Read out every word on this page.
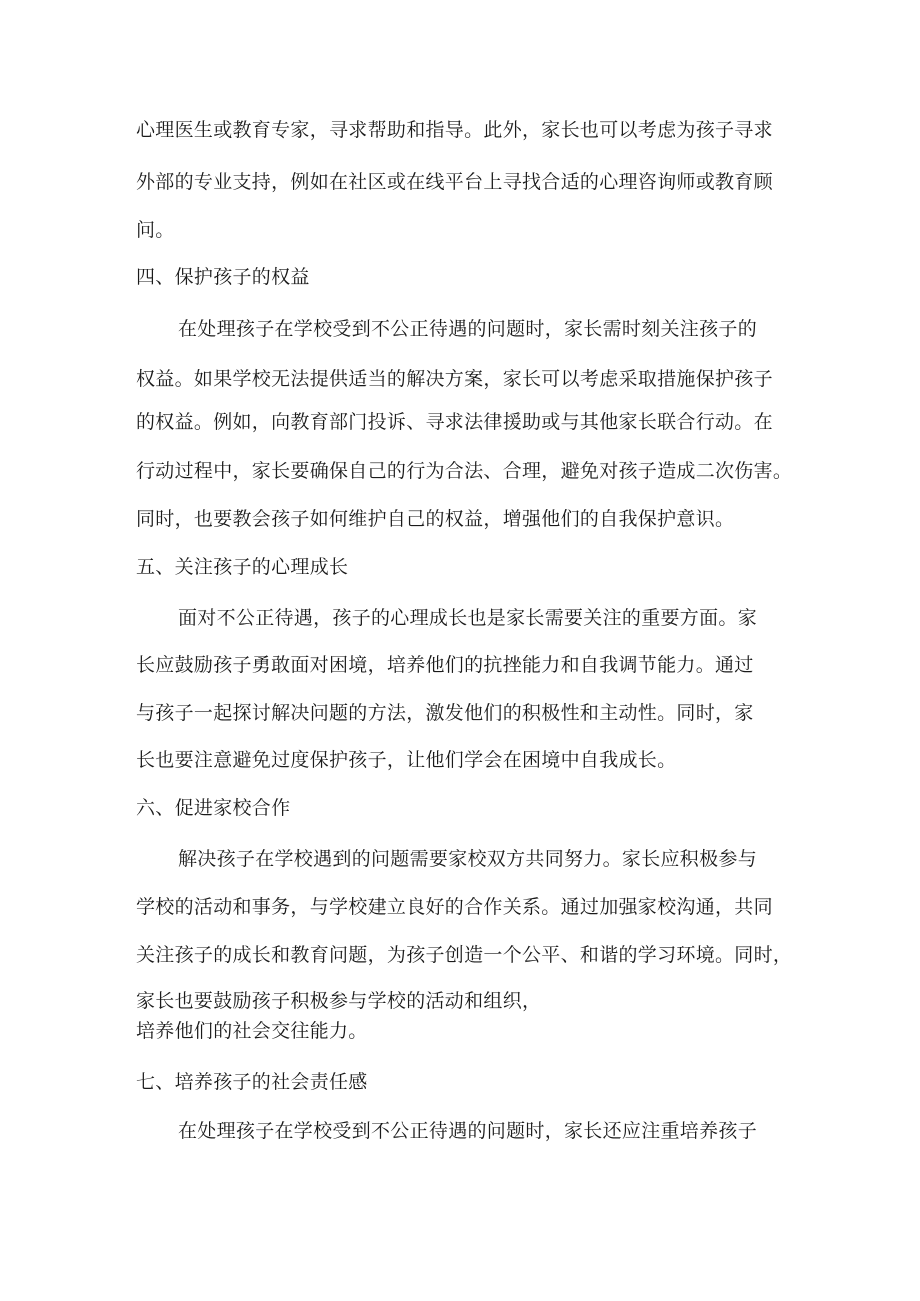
心理医生或教育专家，寻求帮助和指导。此外，家长也可以考虑为孩子寻求
外部的专业支持，例如在社区或在线平台上寻找合适的心理咨询师或教育顾
问。
四、保护孩子的权益
在处理孩子在学校受到不公正待遇的问题时，家长需时刻关注孩子的
权益。如果学校无法提供适当的解决方案，家长可以考虑采取措施保护孩子
的权益。例如，向教育部门投诉、寻求法律援助或与其他家长联合行动。在
行动过程中，家长要确保自己的行为合法、合理，避免对孩子造成二次伤害。
同时，也要教会孩子如何维护自己的权益，增强他们的自我保护意识。
五、关注孩子的心理成长
面对不公正待遇，孩子的心理成长也是家长需要关注的重要方面。家
长应鼓励孩子勇敢面对困境，培养他们的抗挫能力和自我调节能力。通过
与孩子一起探讨解决问题的方法，激发他们的积极性和主动性。同时，家
长也要注意避免过度保护孩子，让他们学会在困境中自我成长。
六、促进家校合作
解决孩子在学校遇到的问题需要家校双方共同努力。家长应积极参与
学校的活动和事务，与学校建立良好的合作关系。通过加强家校沟通，共同
关注孩子的成长和教育问题，为孩子创造一个公平、和谐的学习环境。同时，
家长也要鼓励孩子积极参与学校的活动和组织，
培养他们的社会交往能力。
七、培养孩子的社会责任感
在处理孩子在学校受到不公正待遇的问题时，家长还应注重培养孩子
